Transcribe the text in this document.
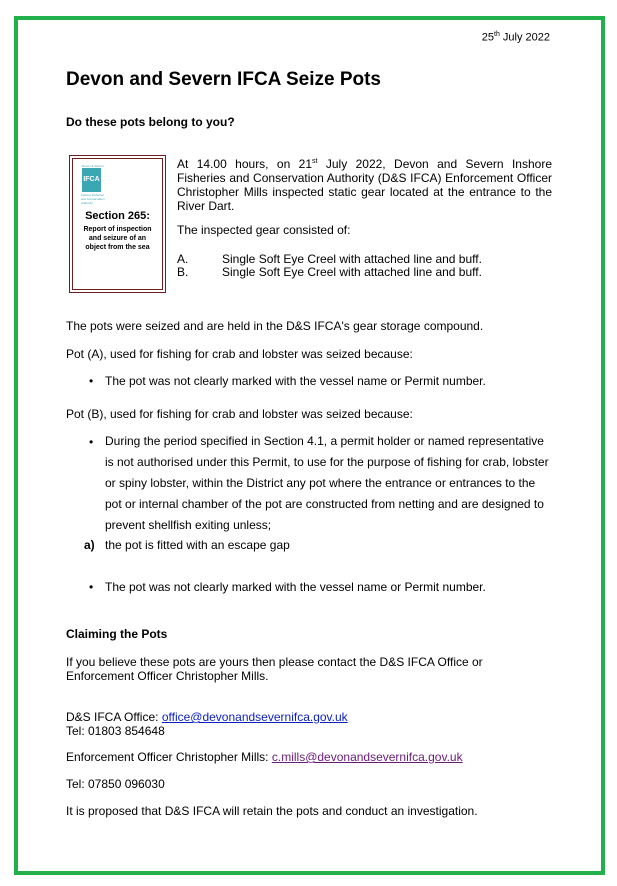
25th July 2022
Devon and Severn IFCA Seize Pots

Do these pots belong to you?

Devon & Severn
IFCA
Inshore Fisheries and Conservation Authority
Section 265:
Report of inspection and seizure of an object from the sea

At 14.00 hours, on 21st July 2022, Devon and Severn Inshore Fisheries and Conservation Authority (D&S IFCA) Enforcement Officer Christopher Mills inspected static gear located at the entrance to the River Dart.

The inspected gear consisted of:

A.	Single Soft Eye Creel with attached line and buff.
B.	Single Soft Eye Creel with attached line and buff.

The pots were seized and are held in the D&S IFCA's gear storage compound.

Pot (A), used for fishing for crab and lobster was seized because:

• The pot was not clearly marked with the vessel name or Permit number.

Pot (B), used for fishing for crab and lobster was seized because:

• During the period specified in Section 4.1, a permit holder or named representative is not authorised under this Permit, to use for the purpose of fishing for crab, lobster or spiny lobster, within the District any pot where the entrance or entrances to the pot or internal chamber of the pot are constructed from netting and are designed to prevent shellfish exiting unless;
a) the pot is fitted with an escape gap
• The pot was not clearly marked with the vessel name or Permit number.

Claiming the Pots

If you believe these pots are yours then please contact the D&S IFCA Office or Enforcement Officer Christopher Mills.

D&S IFCA Office: office@devonandsevernifca.gov.uk
Tel: 01803 854648

Enforcement Officer Christopher Mills: c.mills@devonandsevernifca.gov.uk

Tel: 07850 096030

It is proposed that D&S IFCA will retain the pots and conduct an investigation.
